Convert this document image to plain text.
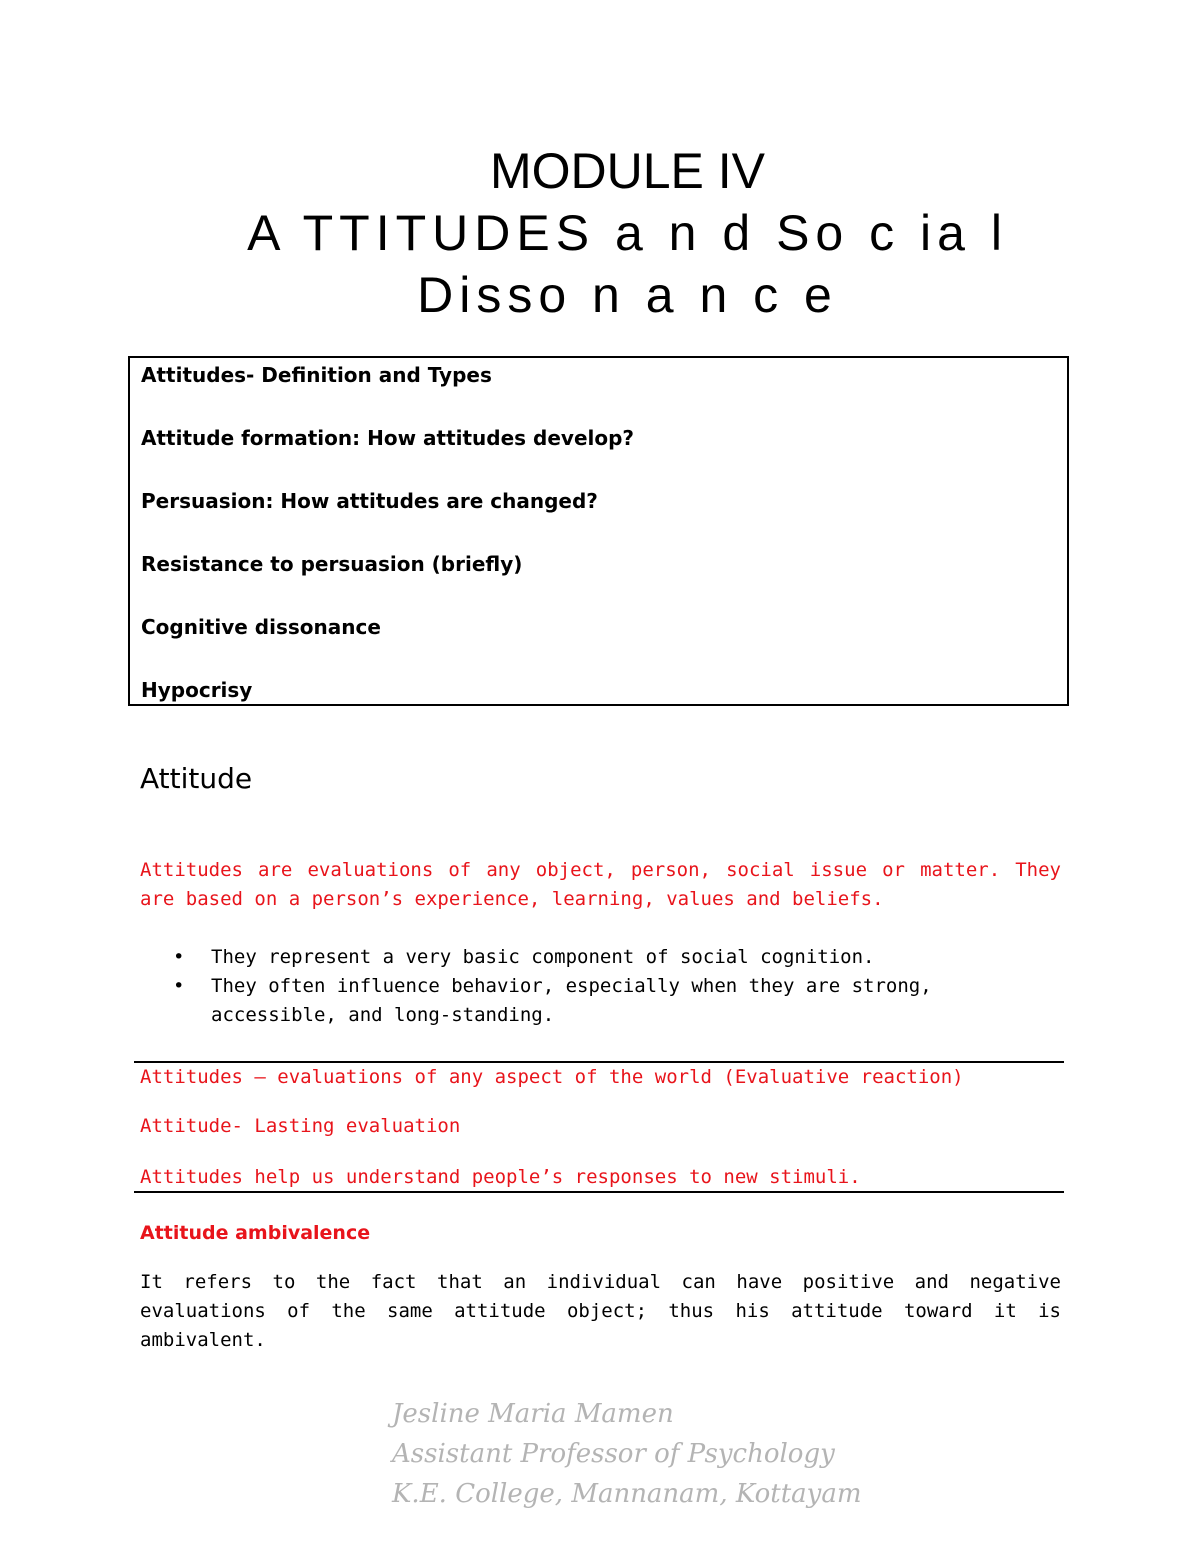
MODULE IV
A TTITUDES a n d So c ia l
Disso n a n c e
Attitudes- Definition and Types
Attitude formation: How attitudes develop?
Persuasion: How attitudes are changed?
Resistance to persuasion (briefly)
Cognitive dissonance
Hypocrisy
Attitude
Attitudes are evaluations of any object, person, social issue or matter. They are based on a person’s experience, learning, values and beliefs.
• They represent a very basic component of social cognition.
• They often influence behavior, especially when they are strong, accessible, and long-standing.
Attitudes – evaluations of any aspect of the world (Evaluative reaction)
Attitude- Lasting evaluation
Attitudes help us understand people’s responses to new stimuli.
Attitude ambivalence
It refers to the fact that an individual can have positive and negative evaluations of the same attitude object; thus his attitude toward it is ambivalent.
Jesline Maria Mamen
Assistant Professor of Psychology
K.E. College, Mannanam, Kottayam
